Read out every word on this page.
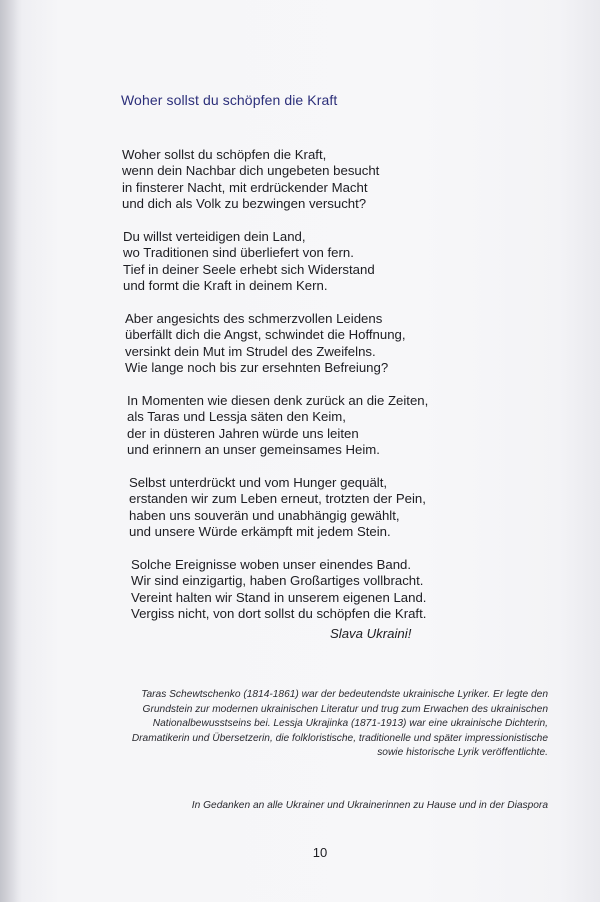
Woher sollst du schöpfen die Kraft
Woher sollst du schöpfen die Kraft,
wenn dein Nachbar dich ungebeten besucht
in finsterer Nacht, mit erdrückender Macht
und dich als Volk zu bezwingen versucht?
Du willst verteidigen dein Land,
wo Traditionen sind überliefert von fern.
Tief in deiner Seele erhebt sich Widerstand
und formt die Kraft in deinem Kern.
Aber angesichts des schmerzvollen Leidens
überfällt dich die Angst, schwindet die Hoffnung,
versinkt dein Mut im Strudel des Zweifelns.
Wie lange noch bis zur ersehnten Befreiung?
In Momenten wie diesen denk zurück an die Zeiten,
als Taras und Lessja säten den Keim,
der in düsteren Jahren würde uns leiten
und erinnern an unser gemeinsames Heim.
Selbst unterdrückt und vom Hunger gequält,
erstanden wir zum Leben erneut, trotzten der Pein,
haben uns souverän und unabhängig gewählt,
und unsere Würde erkämpft mit jedem Stein.
Solche Ereignisse woben unser einendes Band.
Wir sind einzigartig, haben Großartiges vollbracht.
Vereint halten wir Stand in unserem eigenen Land.
Vergiss nicht, von dort sollst du schöpfen die Kraft.
Slava Ukraini!
Taras Schewtschenko (1814-1861) war der bedeutendste ukrainische Lyriker. Er legte den
Grundstein zur modernen ukrainischen Literatur und trug zum Erwachen des ukrainischen
Nationalbewusstseins bei. Lessja Ukrajinka (1871-1913) war eine ukrainische Dichterin,
Dramatikerin und Übersetzerin, die folkloristische, traditionelle und später impressionistische
sowie historische Lyrik veröffentlichte.
In Gedanken an alle Ukrainer und Ukrainerinnen zu Hause und in der Diaspora
10
